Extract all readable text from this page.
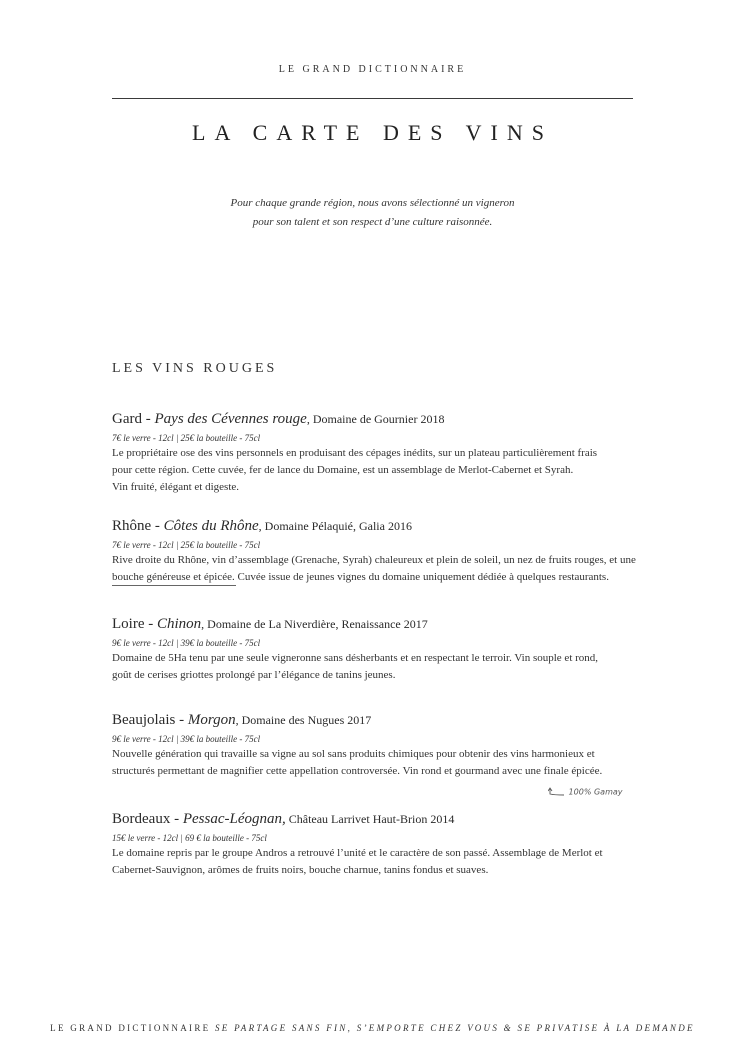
LE GRAND DICTIONNAIRE
LA CARTE DES VINS
Pour chaque grande région, nous avons sélectionné un vigneron
pour son talent et son respect d’une culture raisonnée.
LES VINS ROUGES
Gard - Pays des Cévennes rouge, Domaine de Gournier 2018
7€ le verre - 12cl | 25€ la bouteille - 75cl
Le propriétaire ose des vins personnels en produisant des cépages inédits, sur un plateau particulièrement frais
pour cette région. Cette cuvée, fer de lance du Domaine, est un assemblage de Merlot-Cabernet et Syrah.
Vin fruité, élégant et digeste.
Rhône - Côtes du Rhône, Domaine Pélaquié, Galia 2016
7€ le verre - 12cl | 25€ la bouteille - 75cl
Rive droite du Rhône, vin d’assemblage (Grenache, Syrah) chaleureux et plein de soleil, un nez de fruits rouges, et une
bouche généreuse et épicée. Cuvée issue de jeunes vignes du domaine uniquement dédiée à quelques restaurants.
Loire - Chinon, Domaine de La Niverdière, Renaissance 2017
9€ le verre - 12cl | 39€ la bouteille - 75cl
Domaine de 5Ha tenu par une seule vigneronne sans désherbants et en respectant le terroir. Vin souple et rond,
goût de cerises griottes prolongé par l’élégance de tanins jeunes.
Beaujolais - Morgon, Domaine des Nugues 2017
9€ le verre - 12cl | 39€ la bouteille - 75cl
Nouvelle génération qui travaille sa vigne au sol sans produits chimiques pour obtenir des vins harmonieux et
structurés permettant de magnifier cette appellation controversée. Vin rond et gourmand avec une finale épicée.
100% Gamay
Bordeaux - Pessac-Léognan, Château Larrivet Haut-Brion 2014
15€ le verre - 12cl | 69 € la bouteille - 75cl
Le domaine repris par le groupe Andros a retrouvé l’unité et le caractère de son passé. Assemblage de Merlot et
Cabernet-Sauvignon, arômes de fruits noirs, bouche charnue, tanins fondus et suaves.
LE GRAND DICTIONNAIRE SE PARTAGE SANS FIN, S’EMPORTE CHEZ VOUS & SE PRIVATISE À LA DEMANDE
